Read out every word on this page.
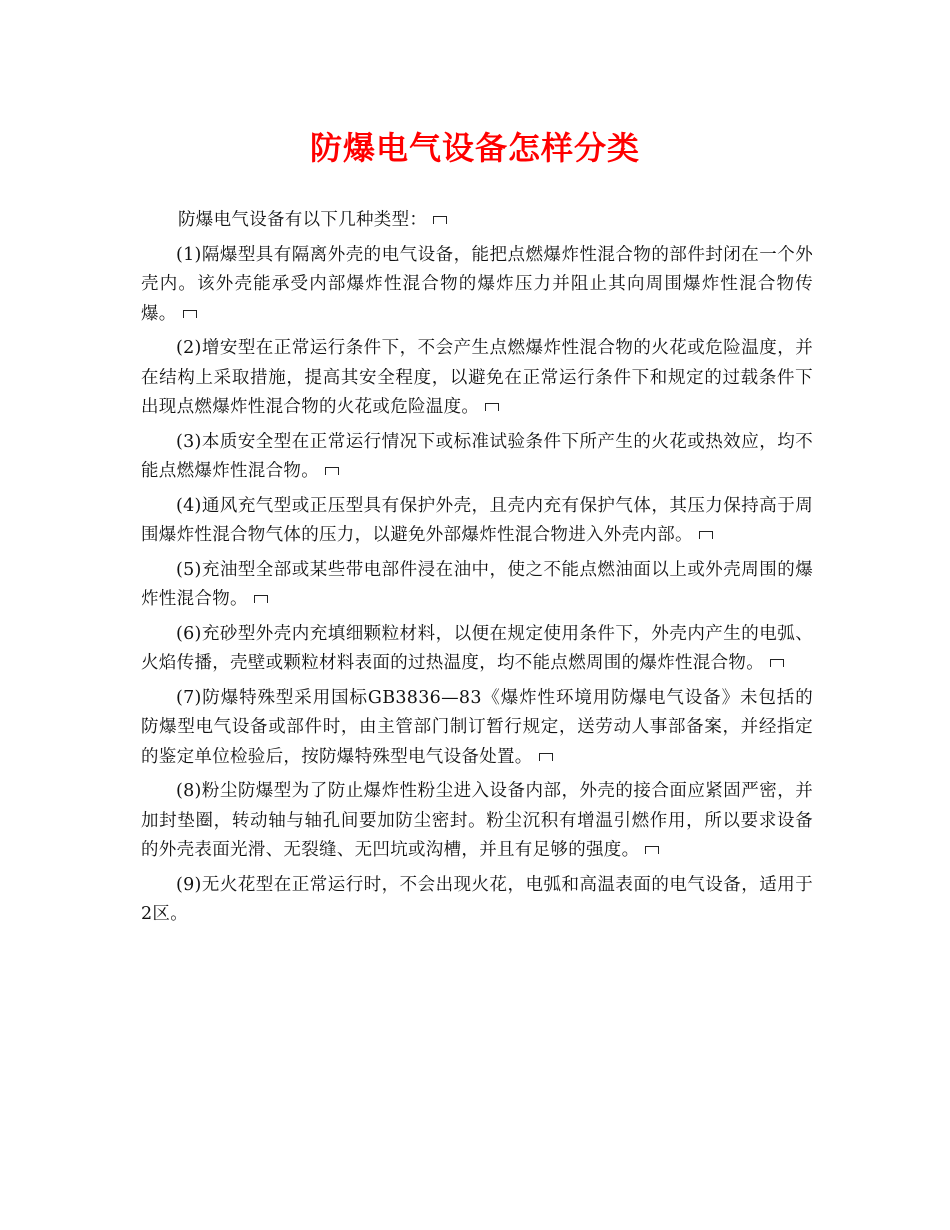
防爆电气设备怎样分类

防爆电气设备有以下几种类型：

(1)隔爆型具有隔离外壳的电气设备，能把点燃爆炸性混合物的部件封闭在一个外壳内。该外壳能承受内部爆炸性混合物的爆炸压力并阻止其向周围爆炸性混合物传爆。

(2)增安型在正常运行条件下，不会产生点燃爆炸性混合物的火花或危险温度，并在结构上采取措施，提高其安全程度，以避免在正常运行条件下和规定的过载条件下出现点燃爆炸性混合物的火花或危险温度。

(3)本质安全型在正常运行情况下或标准试验条件下所产生的火花或热效应，均不能点燃爆炸性混合物。

(4)通风充气型或正压型具有保护外壳，且壳内充有保护气体，其压力保持高于周围爆炸性混合物气体的压力，以避免外部爆炸性混合物进入外壳内部。

(5)充油型全部或某些带电部件浸在油中，使之不能点燃油面以上或外壳周围的爆炸性混合物。

(6)充砂型外壳内充填细颗粒材料，以便在规定使用条件下，外壳内产生的电弧、火焰传播，壳壁或颗粒材料表面的过热温度，均不能点燃周围的爆炸性混合物。

(7)防爆特殊型采用国标GB3836—83《爆炸性环境用防爆电气设备》未包括的防爆型电气设备或部件时，由主管部门制订暂行规定，送劳动人事部备案，并经指定的鉴定单位检验后，按防爆特殊型电气设备处置。

(8)粉尘防爆型为了防止爆炸性粉尘进入设备内部，外壳的接合面应紧固严密，并加封垫圈，转动轴与轴孔间要加防尘密封。粉尘沉积有增温引燃作用，所以要求设备的外壳表面光滑、无裂缝、无凹坑或沟槽，并且有足够的强度。

(9)无火花型在正常运行时，不会出现火花，电弧和高温表面的电气设备，适用于2区。
